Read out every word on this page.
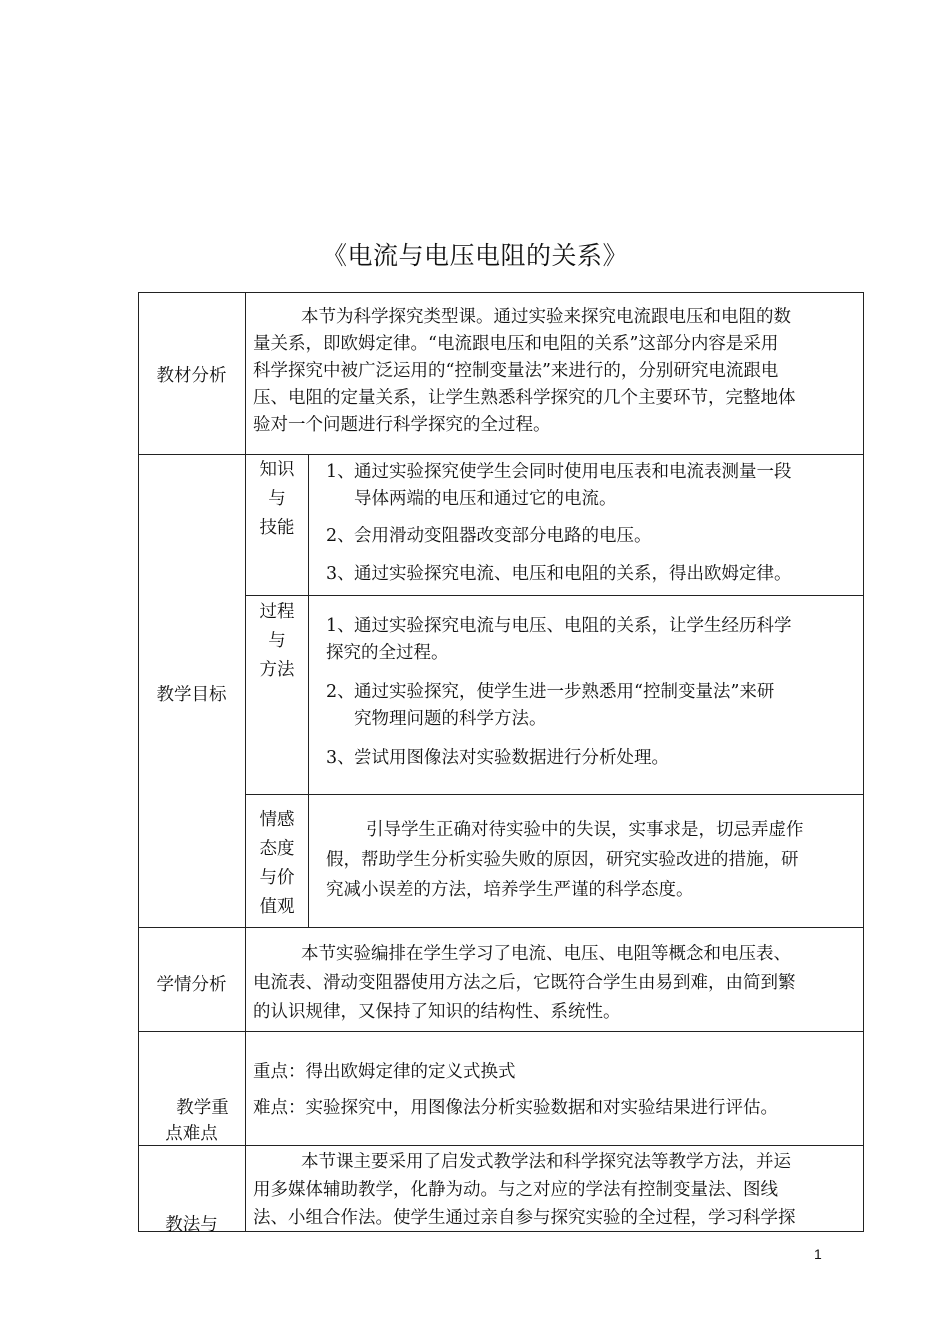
《电流与电压电阻的关系》
教材分析
本节为科学探究类型课。通过实验来探究电流跟电压和电阻的数
量关系，即欧姆定律。“电流跟电压和电阻的关系”这部分内容是采用
科学探究中被广泛运用的“控制变量法”来进行的，分别研究电流跟电
压、电阻的定量关系，让学生熟悉科学探究的几个主要环节，完整地体
验对一个问题进行科学探究的全过程。
教学目标
知识
与
技能
1、通过实验探究使学生会同时使用电压表和电流表测量一段
导体两端的电压和通过它的电流。
2、会用滑动变阻器改变部分电路的电压。
3、通过实验探究电流、电压和电阻的关系，得出欧姆定律。
过程
与
方法
1、通过实验探究电流与电压、电阻的关系，让学生经历科学
探究的全过程。
2、通过实验探究，使学生进一步熟悉用“控制变量法”来研
究物理问题的科学方法。
3、尝试用图像法对实验数据进行分析处理。
情感
态度
与价
值观
引导学生正确对待实验中的失误，实事求是，切忌弄虚作
假，帮助学生分析实验失败的原因，研究实验改进的措施，研
究减小误差的方法，培养学生严谨的科学态度。
学情分析
本节实验编排在学生学习了电流、电压、电阻等概念和电压表、
电流表、滑动变阻器使用方法之后，它既符合学生由易到难，由简到繁
的认识规律，又保持了知识的结构性、系统性。
教学重
点难点
重点：得出欧姆定律的定义式换式
难点：实验探究中，用图像法分析实验数据和对实验结果进行评估。
教法与
本节课主要采用了启发式教学法和科学探究法等教学方法，并运
用多媒体辅助教学，化静为动。与之对应的学法有控制变量法、图线
法、小组合作法。使学生通过亲自参与探究实验的全过程，学习科学探
1
